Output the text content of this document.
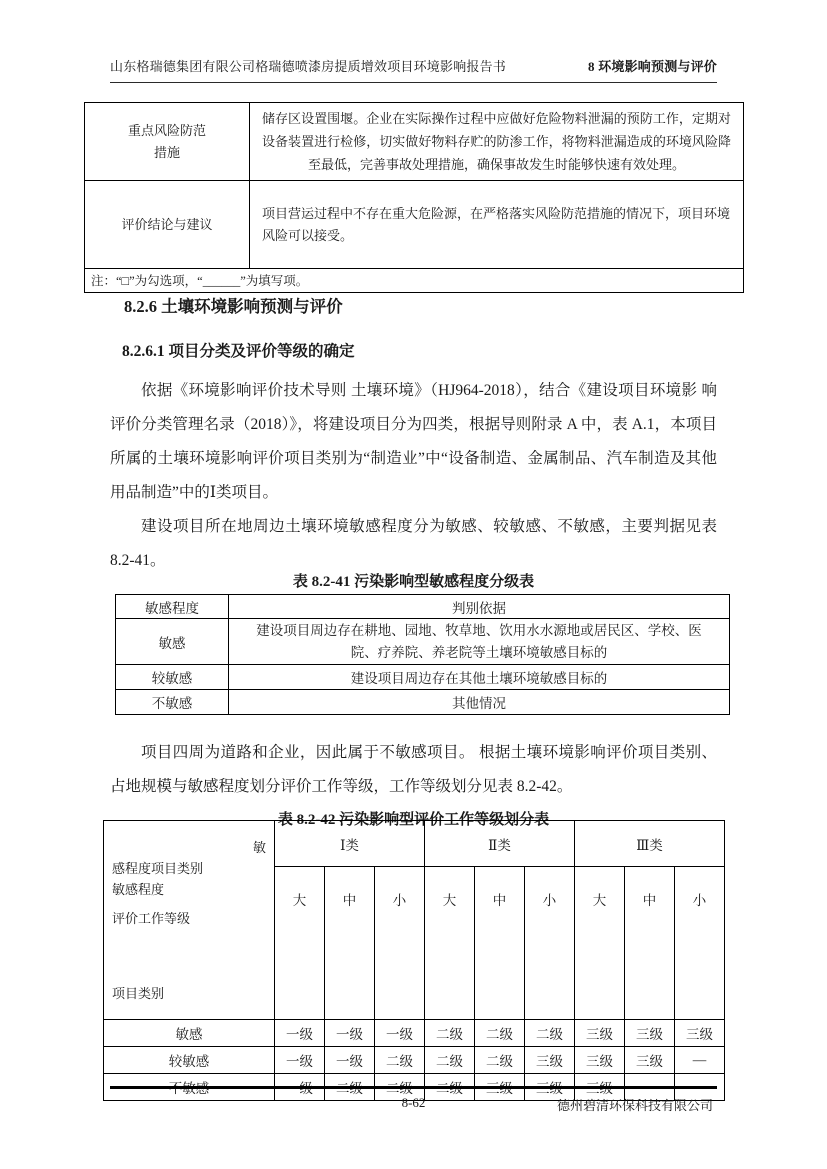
山东格瑞德集团有限公司格瑞德喷漆房提质增效项目环境影响报告书	8 环境影响预测与评价
重点风险防范措施	储存区设置围堰。企业在实际操作过程中应做好危险物料泄漏的预防工作，定期对设备装置进行检修，切实做好物料存贮的防渗工作，将物料泄漏造成的环境风险降至最低，完善事故处理措施，确保事故发生时能够快速有效处理。
评价结论与建议	项目营运过程中不存在重大危险源，在严格落实风险防范措施的情况下，项目环境风险可以接受。
注：“□”为勾选项，“______”为填写项。	
8.2.6 土壤环境影响预测与评价
8.2.6.1 项目分类及评价等级的确定

依据《环境影响评价技术导则 土壤环境》（HJ964-2018），结合《建设项目环境影 响评价分类管理名录（2018）》，将建设项目分为四类，根据导则附录 A 中，表 A.1，本项目所属的土壤环境影响评价项目类别为“制造业”中“设备制造、金属制品、汽车制造及其他用品制造”中的Ⅰ类项目。

建设项目所在地周边土壤环境敏感程度分为敏感、较敏感、不敏感，主要判据见表 8.2-41。

表 8.2-41 污染影响型敏感程度分级表
敏感程度	判别依据
敏感	建设项目周边存在耕地、园地、牧草地、饮用水水源地或居民区、学校、医院、疗养院、养老院等土壤环境敏感目标的
较敏感	建设项目周边存在其他土壤环境敏感目标的
不敏感	其他情况

项目四周为道路和企业，因此属于不敏感项目。 根据土壤环境影响评价项目类别、占地规模与敏感程度划分评价工作等级，工作等级划分见表 8.2-42。

表 8.2-42 污染影响型评价工作等级划分表
敏
感程度项目类别
敏感程度
评价工作等级
项目类别	Ⅰ类			Ⅱ类			Ⅲ类		
	大	中	小	大	中	小	大	中	小
敏感	一级	一级	一级	二级	二级	二级	三级	三级	三级
较敏感	一级	一级	二级	二级	二级	三级	三级	三级	—
不敏感	一级	二级	二级	二级	三级	三级	三级	—	—
8-62	德州碧清环保科技有限公司
